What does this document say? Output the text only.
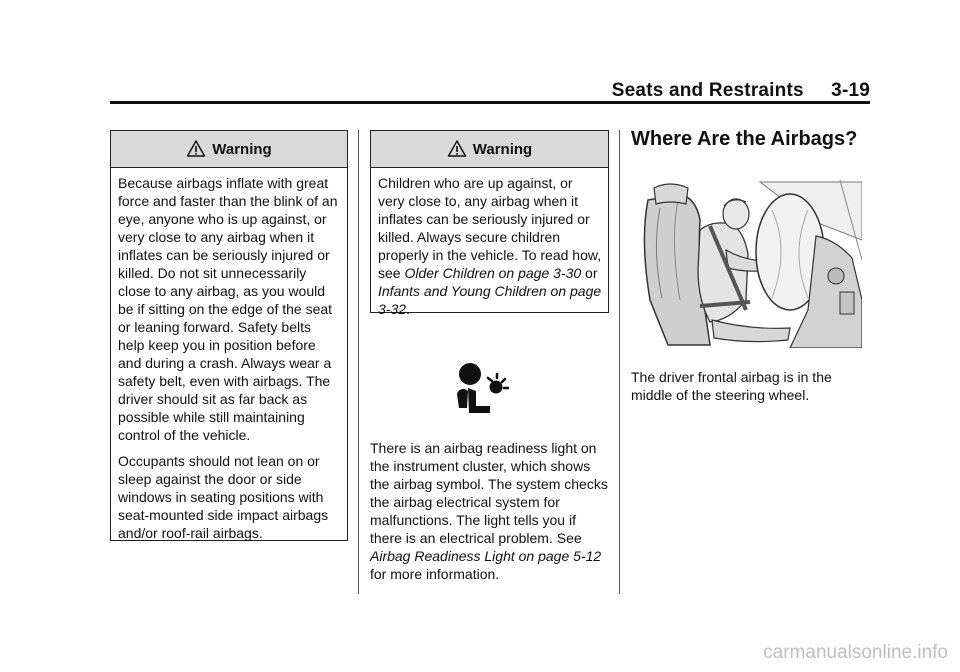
Seats and Restraints 3-19
Warning

Because airbags inflate with great force and faster than the blink of an eye, anyone who is up against, or very close to any airbag when it inflates can be seriously injured or killed. Do not sit unnecessarily close to any airbag, as you would be if sitting on the edge of the seat or leaning forward. Safety belts help keep you in position before and during a crash. Always wear a safety belt, even with airbags. The driver should sit as far back as possible while still maintaining control of the vehicle.

Occupants should not lean on or sleep against the door or side windows in seating positions with seat-mounted side impact airbags and/or roof-rail airbags.

Warning

Children who are up against, or very close to, any airbag when it inflates can be seriously injured or killed. Always secure children properly in the vehicle. To read how, see Older Children on page 3-30 or Infants and Young Children on page 3-32.

There is an airbag readiness light on the instrument cluster, which shows the airbag symbol. The system checks the airbag electrical system for malfunctions. The light tells you if there is an electrical problem. See Airbag Readiness Light on page 5-12 for more information.
Where Are the Airbags?
The driver frontal airbag is in the middle of the steering wheel.
carmanualsonline.info
